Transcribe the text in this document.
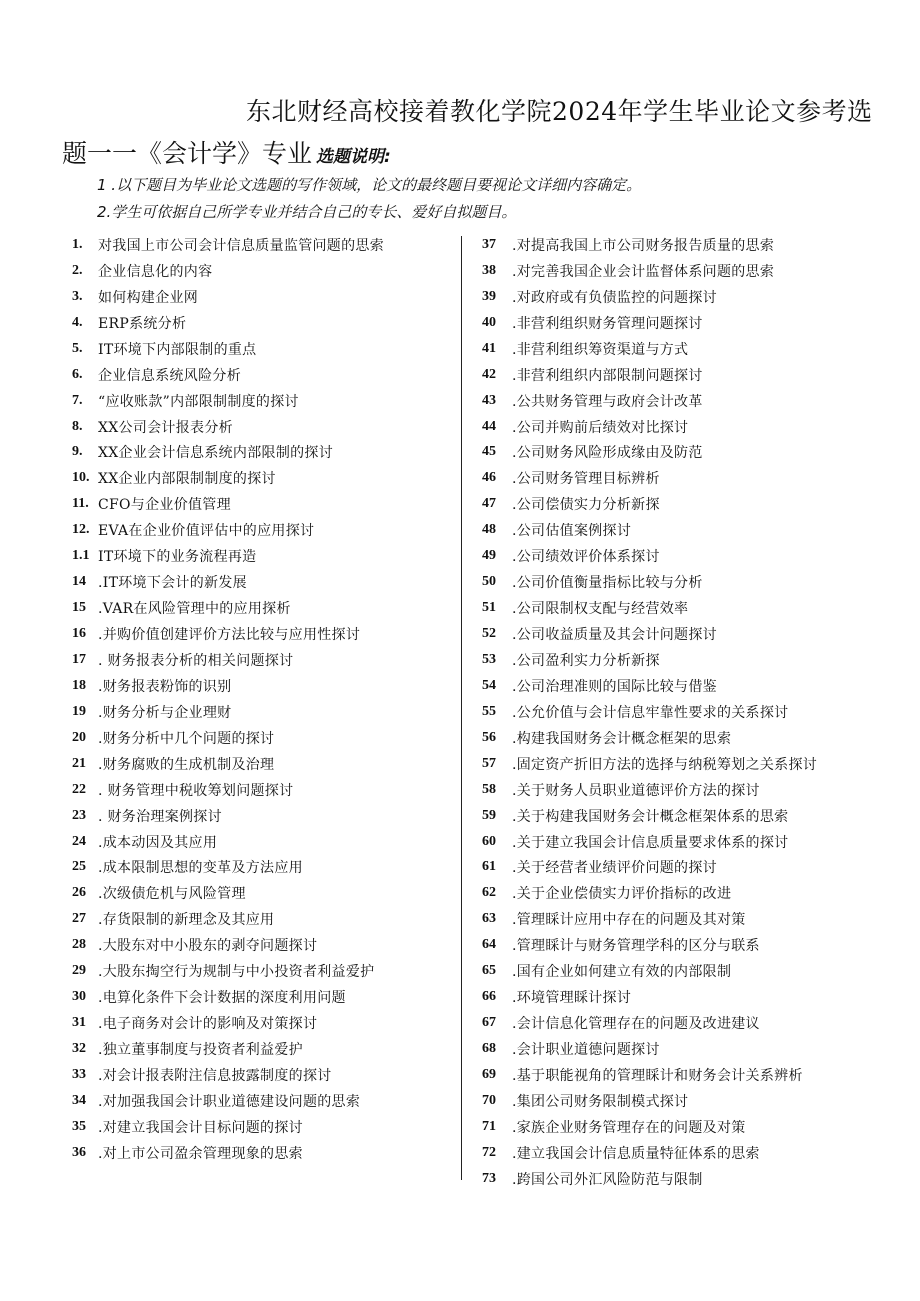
东北财经高校接着教化学院2024年学生毕业论文参考选
题一一《会计学》专业 选题说明:
1 .以下题目为毕业论文选题的写作领域，论文的最终题目要视论文详细内容确定。
2.学生可依据自己所学专业并结合自己的专长、爱好自拟题目。
1.	对我国上市公司会计信息质量监管问题的思索
2.	企业信息化的内容
3.	如何构建企业网
4.	ERP系统分析
5.	IT环境下内部限制的重点
6.	企业信息系统风险分析
7.	“应收账款”内部限制制度的探讨
8.	XX公司会计报表分析
9.	XX企业会计信息系统内部限制的探讨
10. XX企业内部限制制度的探讨
11. CFO与企业价值管理
12. EVA在企业价值评估中的应用探讨
1.1 IT环境下的业务流程再造
14 .IT环境下会计的新发展
15 .VAR在风险管理中的应用探析
16 .并购价值创建评价方法比较与应用性探讨
17 . 财务报表分析的相关问题探讨
18 .财务报表粉饰的识别
19 .财务分析与企业理财
20 .财务分析中几个问题的探讨
21 .财务腐败的生成机制及治理
22 . 财务管理中税收筹划问题探讨
23 . 财务治理案例探讨
24 .成本动因及其应用
25 .成本限制思想的变革及方法应用
26 .次级债危机与风险管理
27 .存货限制的新理念及其应用
28 .大股东对中小股东的剥夺问题探讨
29 .大股东掏空行为规制与中小投资者利益爱护
30 .电算化条件下会计数据的深度利用问题
31 .电子商务对会计的影响及对策探讨
32 .独立董事制度与投资者利益爱护
33 .对会计报表附注信息披露制度的探讨
34 .对加强我国会计职业道德建设问题的思索
35 .对建立我国会计目标问题的探讨
36 .对上市公司盈余管理现象的思索
37	.对提高我国上市公司财务报告质量的思索
38	.对完善我国企业会计监督体系问题的思索
39	.对政府或有负债监控的问题探讨
40	.非营利组织财务管理问题探讨
41	.非营利组织筹资渠道与方式
42	.非营利组织内部限制问题探讨
43	.公共财务管理与政府会计改革
44	.公司并购前后绩效对比探讨
45	.公司财务风险形成缘由及防范
46	.公司财务管理目标辨析
47	.公司偿债实力分析新探
48	.公司估值案例探讨
49	.公司绩效评价体系探讨
50	.公司价值衡量指标比较与分析
51	.公司限制权支配与经营效率
52	.公司收益质量及其会计问题探讨
53	.公司盈利实力分析新探
54	.公司治理准则的国际比较与借鉴
55	.公允价值与会计信息牢靠性要求的关系探讨
56	.构建我国财务会计概念框架的思索
57	.固定资产折旧方法的选择与纳税筹划之关系探讨
58	.关于财务人员职业道德评价方法的探讨
59	.关于构建我国财务会计概念框架体系的思索
60	.关于建立我国会计信息质量要求体系的探讨
61	.关于经营者业绩评价问题的探讨
62	.关于企业偿债实力评价指标的改进
63	.管理睬计应用中存在的问题及其对策
64	.管理睬计与财务管理学科的区分与联系
65	.国有企业如何建立有效的内部限制
66	.环境管理睬计探讨
67	.会计信息化管理存在的问题及改进建议
68	.会计职业道德问题探讨
69	.基于职能视角的管理睬计和财务会计关系辨析
70	.集团公司财务限制模式探讨
71	.家族企业财务管理存在的问题及对策
72	.建立我国会计信息质量特征体系的思索
73	.跨国公司外汇风险防范与限制
